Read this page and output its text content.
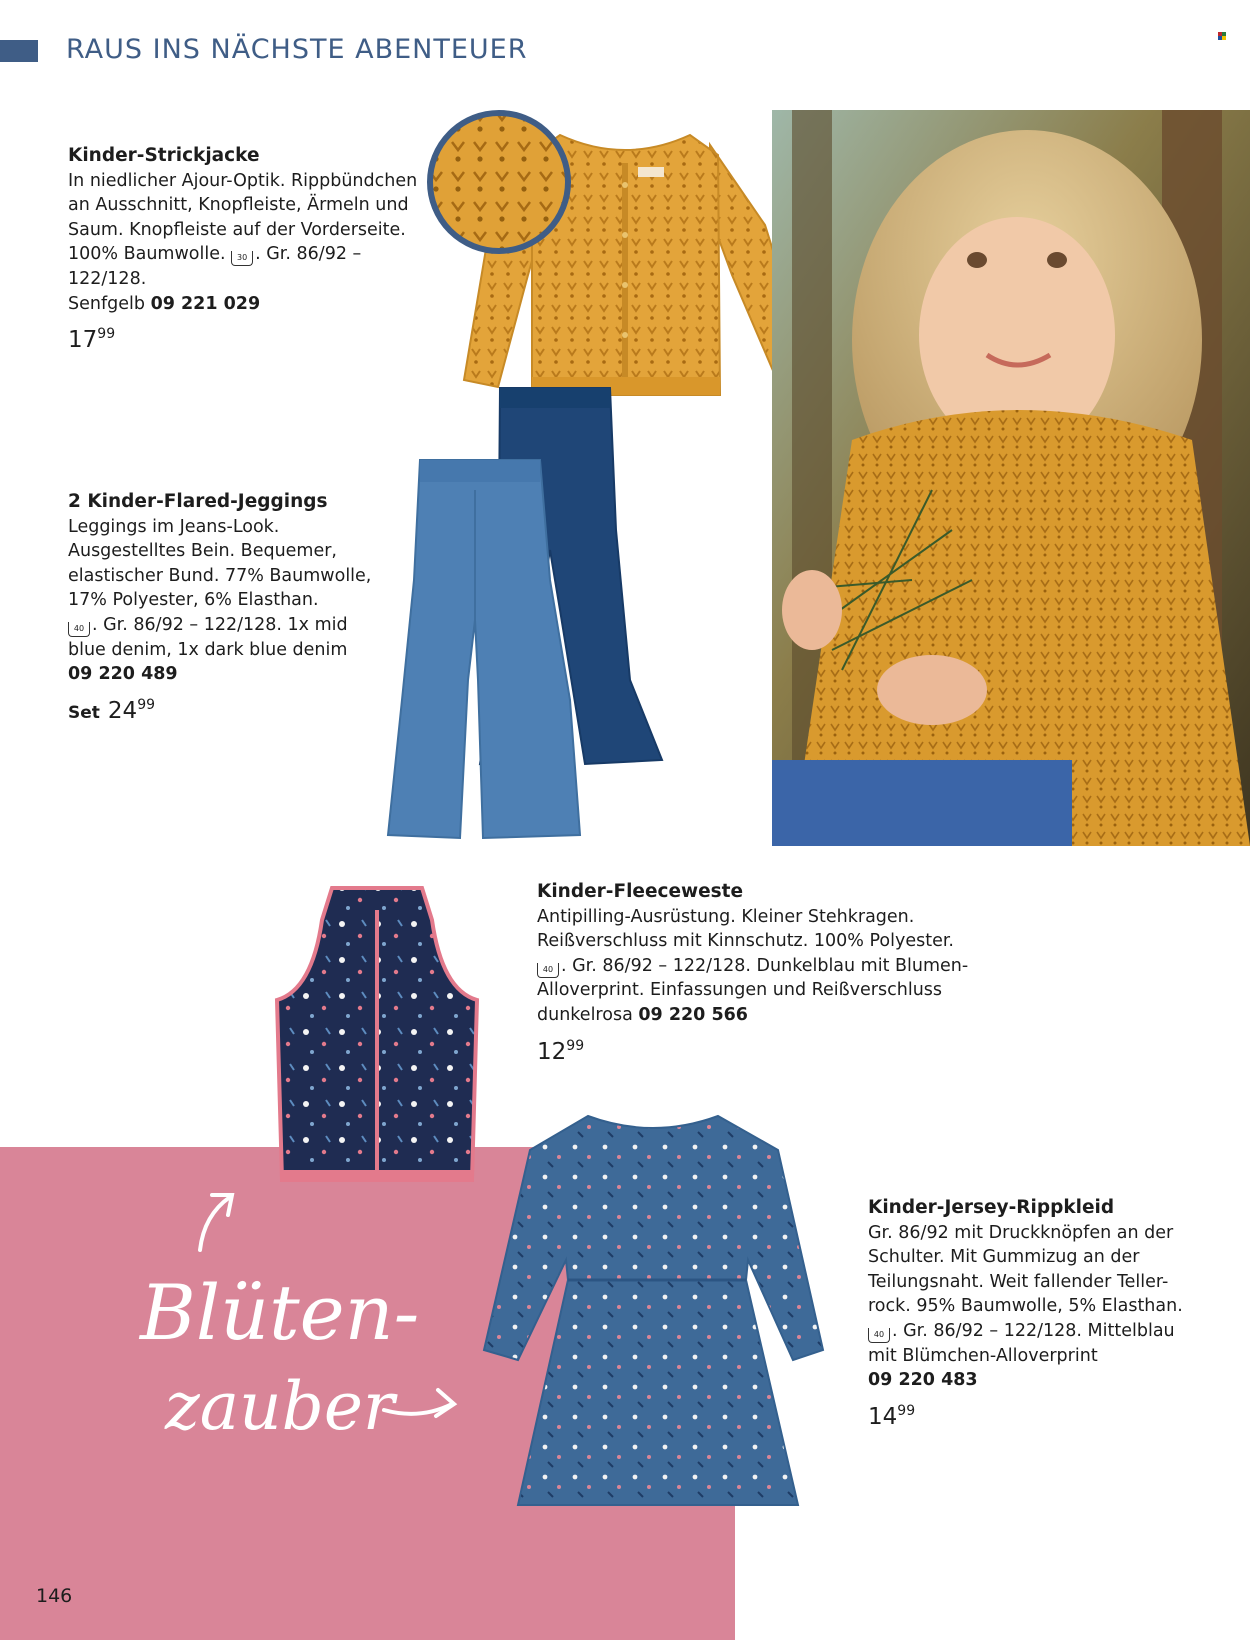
RAUS INS NÄCHSTE ABENTEUER
Kinder-Strickjacke
In niedlicher Ajour-Optik. Rippbündchen
an Ausschnitt, Knopfleiste, Ärmeln und
Saum. Knopfleiste auf der Vorderseite.
100% Baumwolle. 30 . Gr. 86/92 – 122/128.
Senfgelb 09 221 029
$17^{99}$
2 Kinder-Flared-Jeggings
Leggings im Jeans-Look.
Ausgestelltes Bein. Bequemer,
elastischer Bund. 77% Baumwolle,
17% Polyester, 6% Elasthan.
40 . Gr. 86/92 – 122/128. 1x mid
blue denim, 1x dark blue denim
09 220 489
Set $24^{99}$
Kinder-Fleeceweste
Antipilling-Ausrüstung. Kleiner Stehkragen.
Reißverschluss mit Kinnschutz. 100% Polyester.
40 . Gr. 86/92 – 122/128. Dunkelblau mit Blumen-
Alloverprint. Einfassungen und Reißverschluss
dunkelrosa 09 220 566
$12^{99}$
Kinder-Jersey-Rippkleid
Gr. 86/92 mit Druckknöpfen an der
Schulter. Mit Gummizug an der
Teilungsnaht. Weit fallender Teller-
rock. 95% Baumwolle, 5% Elasthan.
40 . Gr. 86/92 – 122/128. Mittelblau
mit Blümchen-Alloverprint
09 220 483
$14^{99}$
Blüten-
zauber
146
